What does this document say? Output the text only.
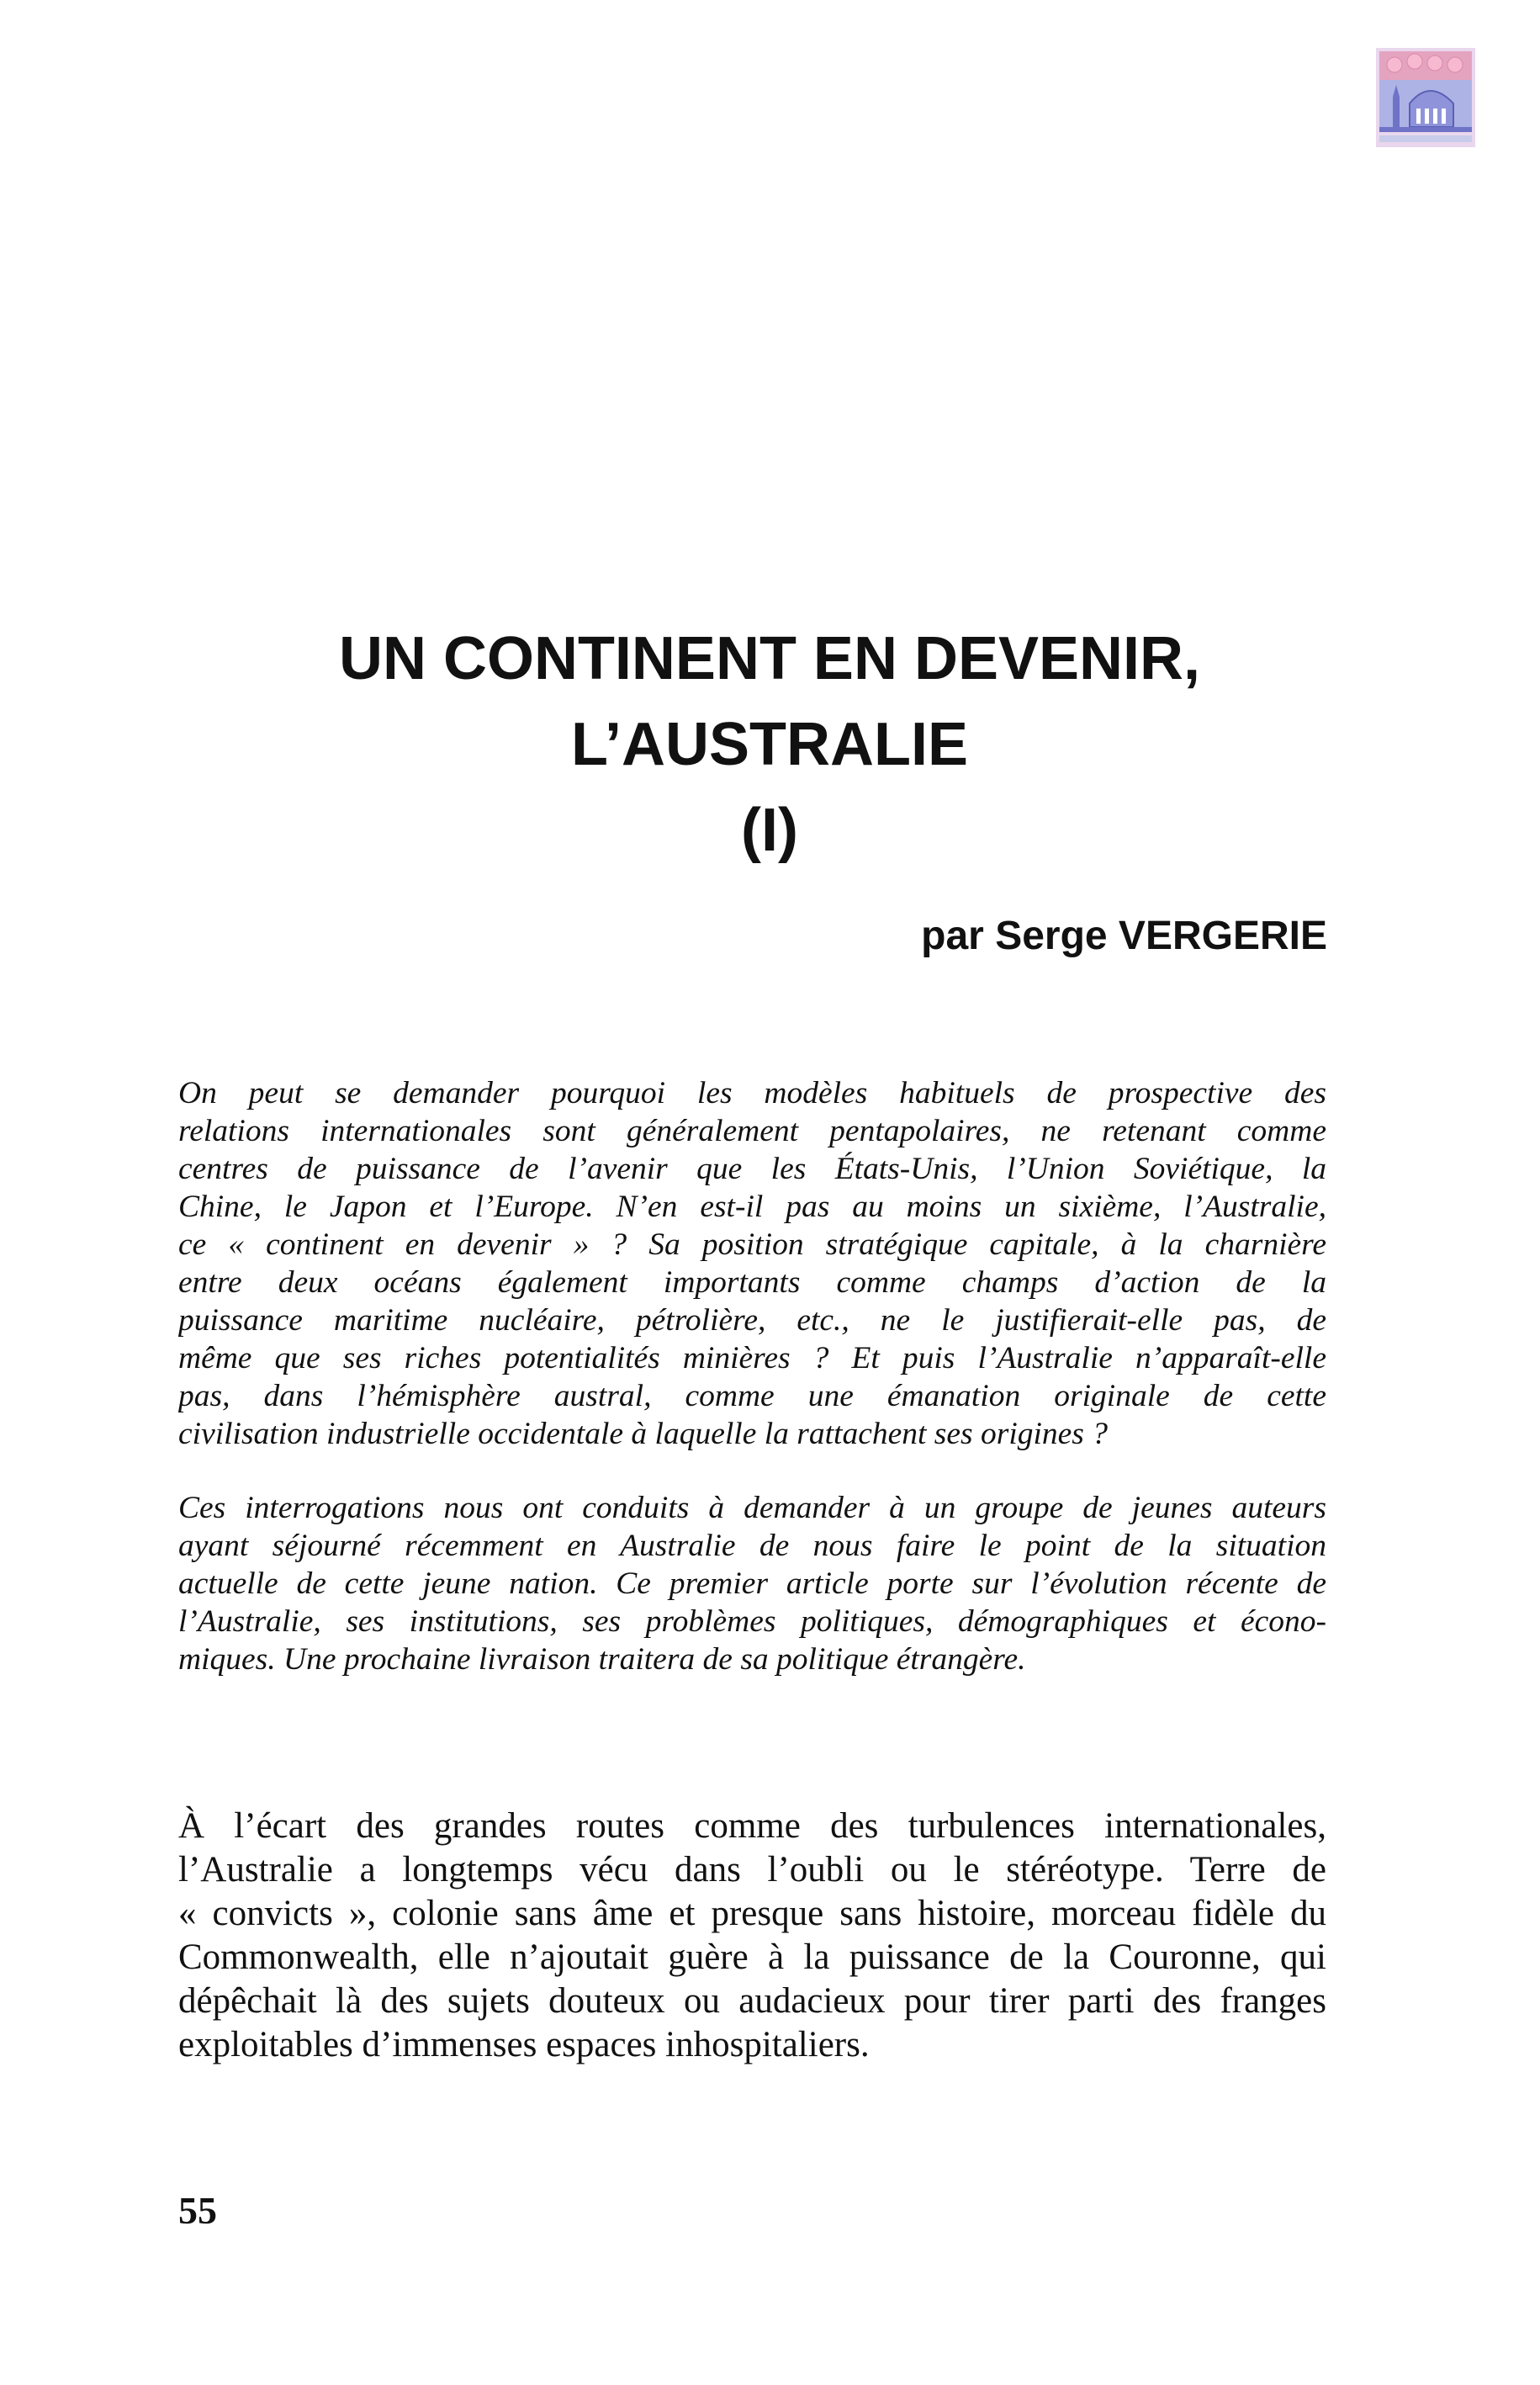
UN CONTINENT EN DEVENIR,
L’AUSTRALIE
(I)

par Serge VERGERIE

On peut se demander pourquoi les modèles habituels de prospective des
relations internationales sont généralement pentapolaires, ne retenant comme
centres de puissance de l’avenir que les États-Unis, l’Union Soviétique, la
Chine, le Japon et l’Europe. N’en est-il pas au moins un sixième, l’Australie,
ce « continent en devenir » ? Sa position stratégique capitale, à la charnière
entre deux océans également importants comme champs d’action de la
puissance maritime nucléaire, pétrolière, etc., ne le justifierait-elle pas, de
même que ses riches potentialités minières ? Et puis l’Australie n’apparaît-elle
pas, dans l’hémisphère austral, comme une émanation originale de cette
civilisation industrielle occidentale à laquelle la rattachent ses origines ?

Ces interrogations nous ont conduits à demander à un groupe de jeunes auteurs
ayant séjourné récemment en Australie de nous faire le point de la situation
actuelle de cette jeune nation. Ce premier article porte sur l’évolution récente de
l’Australie, ses institutions, ses problèmes politiques, démographiques et écono-
miques. Une prochaine livraison traitera de sa politique étrangère.

À l’écart des grandes routes comme des turbulences internationales,
l’Australie a longtemps vécu dans l’oubli ou le stéréotype. Terre de
« convicts », colonie sans âme et presque sans histoire, morceau fidèle du
Commonwealth, elle n’ajoutait guère à la puissance de la Couronne, qui
dépêchait là des sujets douteux ou audacieux pour tirer parti des franges
exploitables d’immenses espaces inhospitaliers.

55
